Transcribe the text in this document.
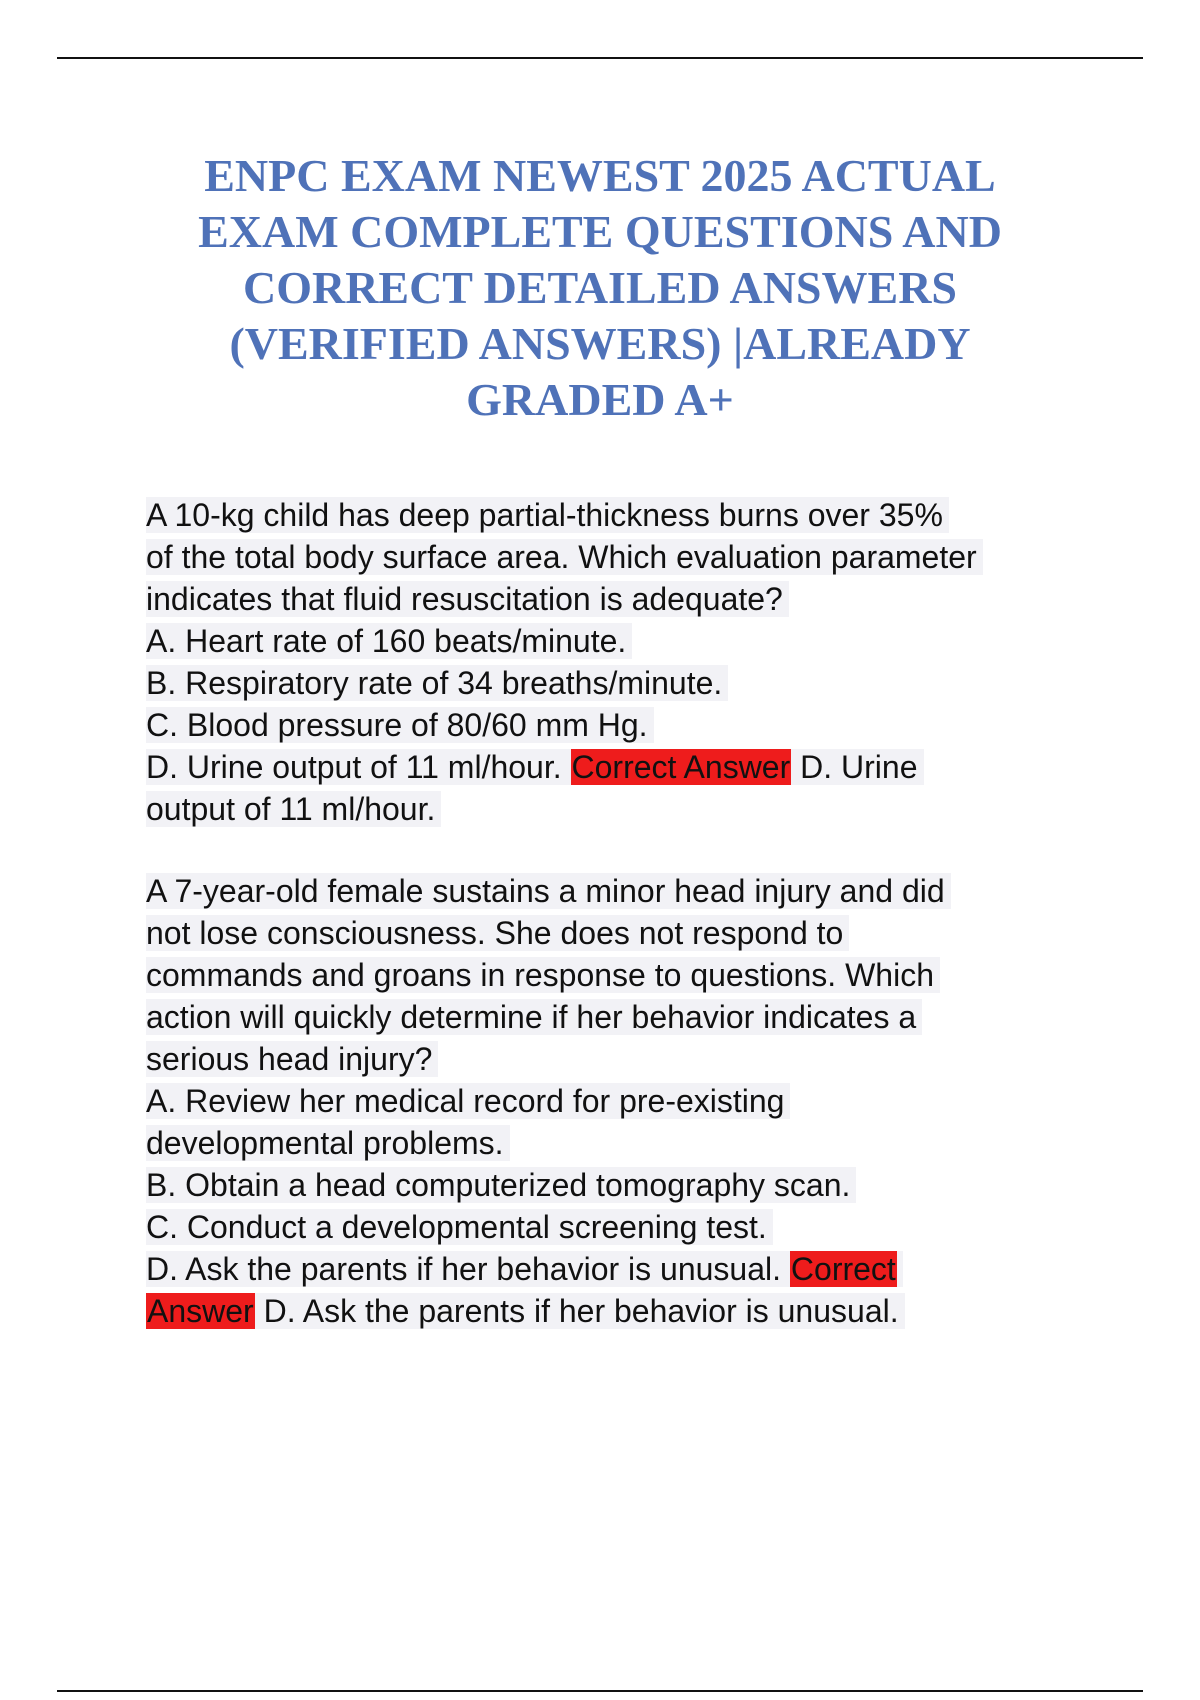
ENPC EXAM NEWEST 2025 ACTUAL
EXAM COMPLETE QUESTIONS AND
CORRECT DETAILED ANSWERS
(VERIFIED ANSWERS) |ALREADY
GRADED A+
A 10-kg child has deep partial-thickness burns over 35%
of the total body surface area. Which evaluation parameter
indicates that fluid resuscitation is adequate?
A. Heart rate of 160 beats/minute.
B. Respiratory rate of 34 breaths/minute.
C. Blood pressure of 80/60 mm Hg.
D. Urine output of 11 ml/hour. Correct Answer D. Urine
output of 11 ml/hour.
A 7-year-old female sustains a minor head injury and did
not lose consciousness. She does not respond to
commands and groans in response to questions. Which
action will quickly determine if her behavior indicates a
serious head injury?
A. Review her medical record for pre-existing
developmental problems.
B. Obtain a head computerized tomography scan.
C. Conduct a developmental screening test.
D. Ask the parents if her behavior is unusual. Correct
Answer D. Ask the parents if her behavior is unusual.
